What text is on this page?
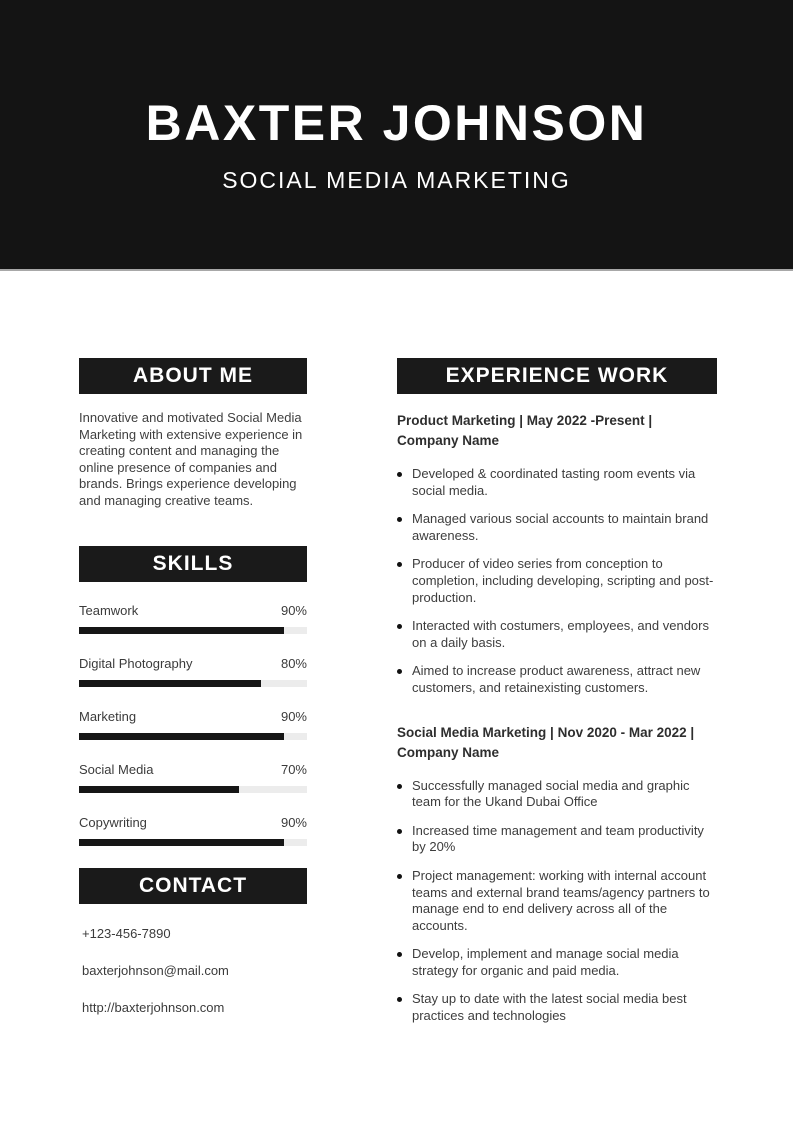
BAXTER JOHNSON
SOCIAL MEDIA MARKETING
ABOUT ME

Innovative and motivated Social Media Marketing with extensive experience in creating content and managing the online presence of companies and brands. Brings experience developing and managing creative teams.

SKILLS
Teamwork	90%
Digital Photography	80%
Marketing	90%
Social Media	70%
Copywriting	90%
CONTACT

+123-456-7890

baxterjohnson@mail.com

http://baxterjohnson.com

EXPERIENCE WORK
Product Marketing | May 2022 -Present | Company Name
Developed & coordinated tasting room events via social media.
Managed various social accounts to maintain brand awareness.
Producer of video series from conception to completion, including developing, scripting and post-production.
Interacted with costumers, employees, and vendors on a daily basis.
Aimed to increase product awareness, attract new customers, and retainexisting customers.
Social Media Marketing | Nov 2020 - Mar 2022 | Company Name
Successfully managed social media and graphic team for the Ukand Dubai Office
Increased time management and team productivity by 20%
Project management: working with internal account teams and external brand teams/agency partners to manage end to end delivery across all of the accounts.
Develop, implement and manage social media strategy for organic and paid media.
Stay up to date with the latest social media best practices and technologies
